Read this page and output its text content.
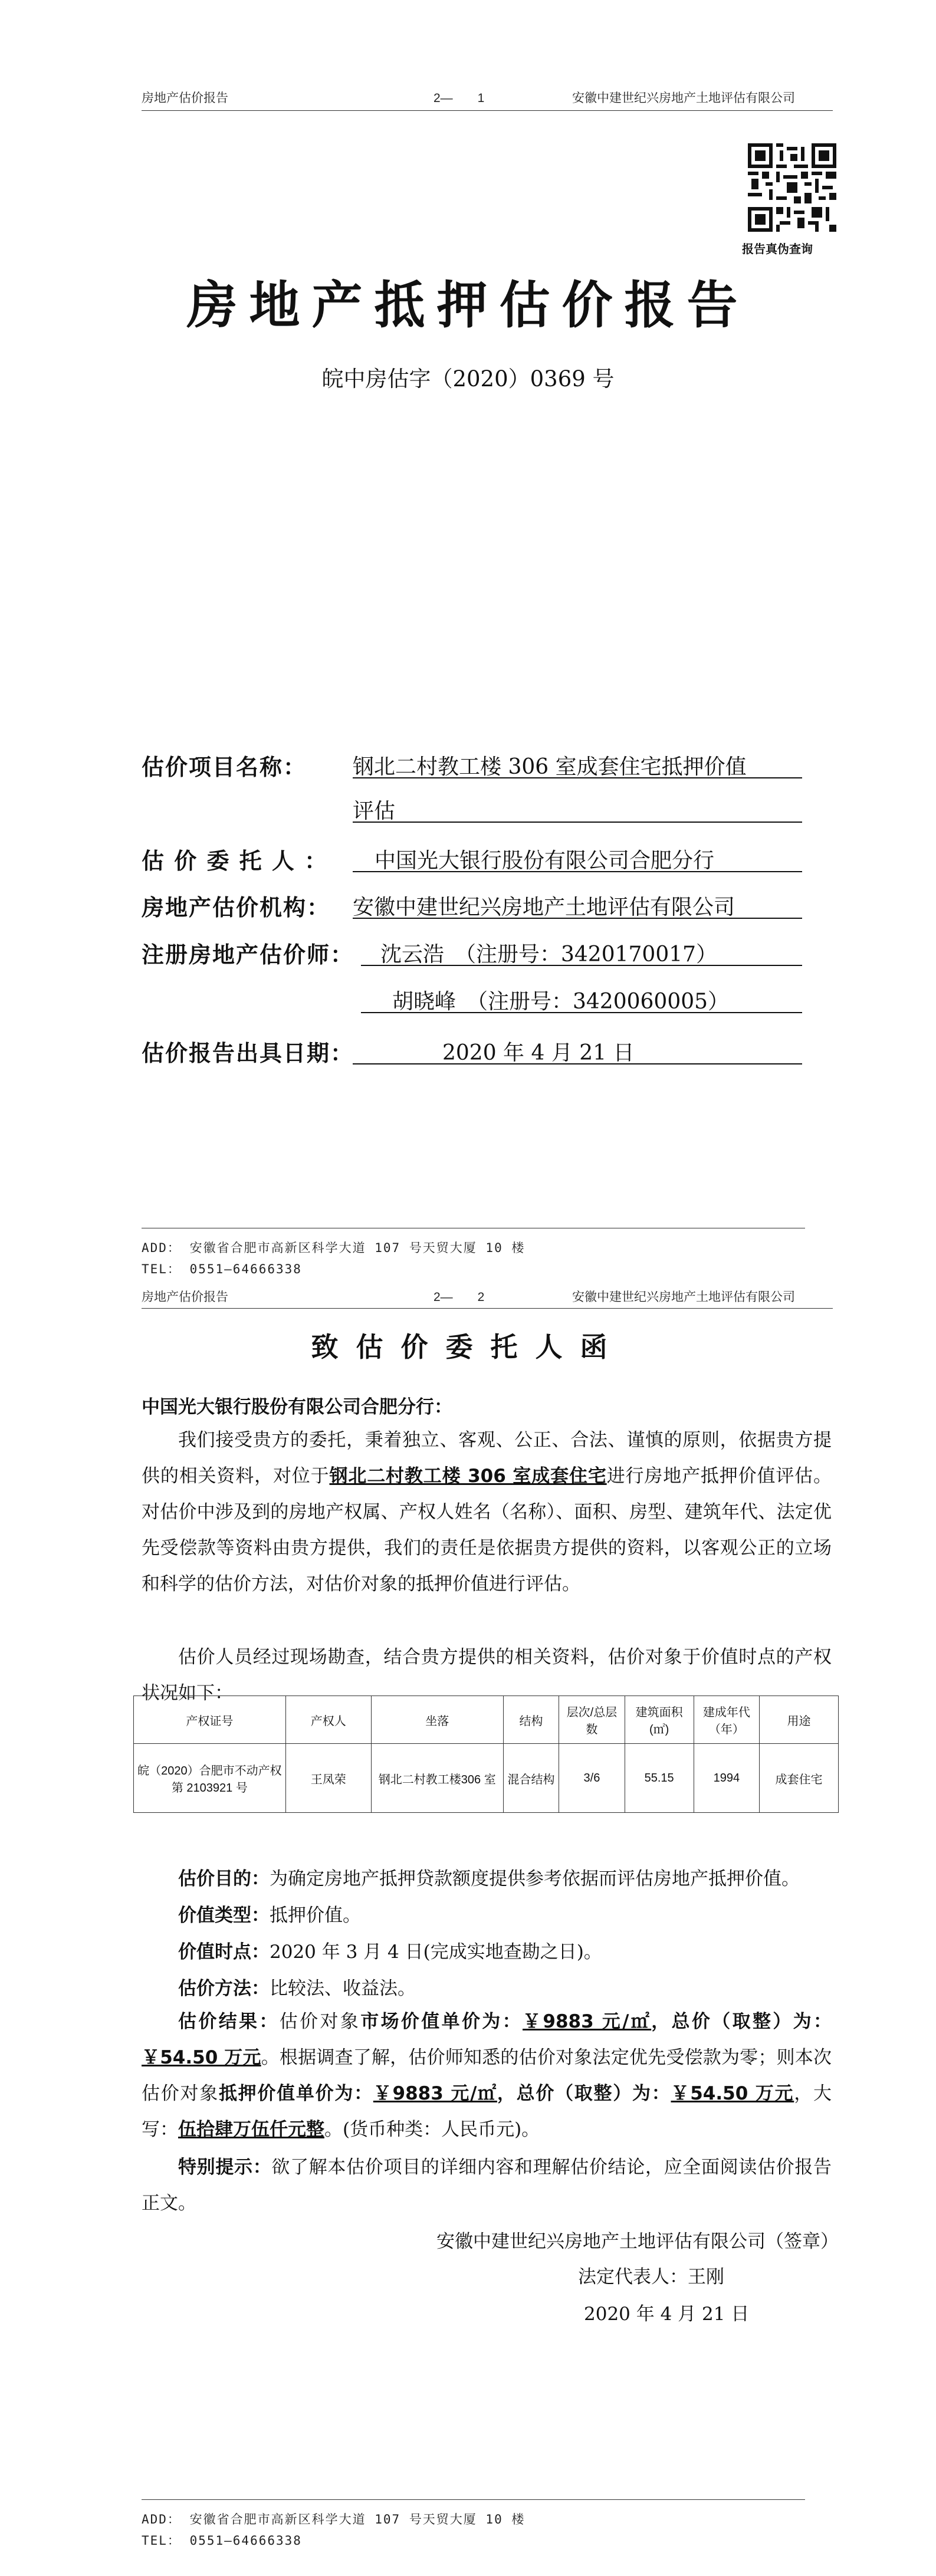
房地产估价报告	2—　　1	安徽中建世纪兴房地产土地评估有限公司
报告真伪查询
房地产抵押估价报告
皖中房估字（2020）0369 号
估价项目名称： 钢北二村教工楼 306 室成套住宅抵押价值
评估
估 价 委 托 人 ： 中国光大银行股份有限公司合肥分行
房地产估价机构： 安徽中建世纪兴房地产土地评估有限公司
注册房地产估价师： 沈云浩　（注册号：3420170017）
胡晓峰　（注册号：3420060005）
估价报告出具日期：	2020 年 4 月 21 日
ADD： 安徽省合肥市高新区科学大道 107 号天贸大厦 10 楼
TEL： 0551—64666338
房地产估价报告	2—　　2	安徽中建世纪兴房地产土地评估有限公司
致估价委托人函
中国光大银行股份有限公司合肥分行：
我们接受贵方的委托，秉着独立、客观、公正、合法、谨慎的原则，依据贵方提供的相关资料，对位于钢北二村教工楼 306 室成套住宅进行房地产抵押价值评估。对估价中涉及到的房地产权属、产权人姓名（名称）、面积、房型、建筑年代、法定优先受偿款等资料由贵方提供，我们的责任是依据贵方提供的资料，以客观公正的立场和科学的估价方法，对估价对象的抵押价值进行评估。
估价人员经过现场勘查，结合贵方提供的相关资料，估价对象于价值时点的产权状况如下：
产权证号	产权人	坐落	结构	层次/总层数	建筑面积(㎡)	建成年代（年）	用途
皖（2020）合肥市不动产权第 2103921 号	王凤荣	钢北二村教工楼306 室	混合结构	3/6	55.15	1994	成套住宅
估价目的：为确定房地产抵押贷款额度提供参考依据而评估房地产抵押价值。
价值类型：抵押价值。
价值时点：2020 年 3 月 4 日(完成实地查勘之日)。
估价方法：比较法、收益法。
估价结果：估价对象市场价值单价为：￥9883 元/㎡，总价（取整）为：￥54.50 万元。根据调查了解，估价师知悉的估价对象法定优先受偿款为零；则本次估价对象抵押价值单价为：￥9883 元/㎡，总价（取整）为：￥54.50 万元，大写：伍拾肆万伍仟元整。(货币种类：人民币元)。
特别提示：欲了解本估价项目的详细内容和理解估价结论，应全面阅读估价报告正文。
安徽中建世纪兴房地产土地评估有限公司（签章）
法定代表人：王刚
2020 年 4 月 21 日
ADD： 安徽省合肥市高新区科学大道 107 号天贸大厦 10 楼
TEL： 0551—64666338
